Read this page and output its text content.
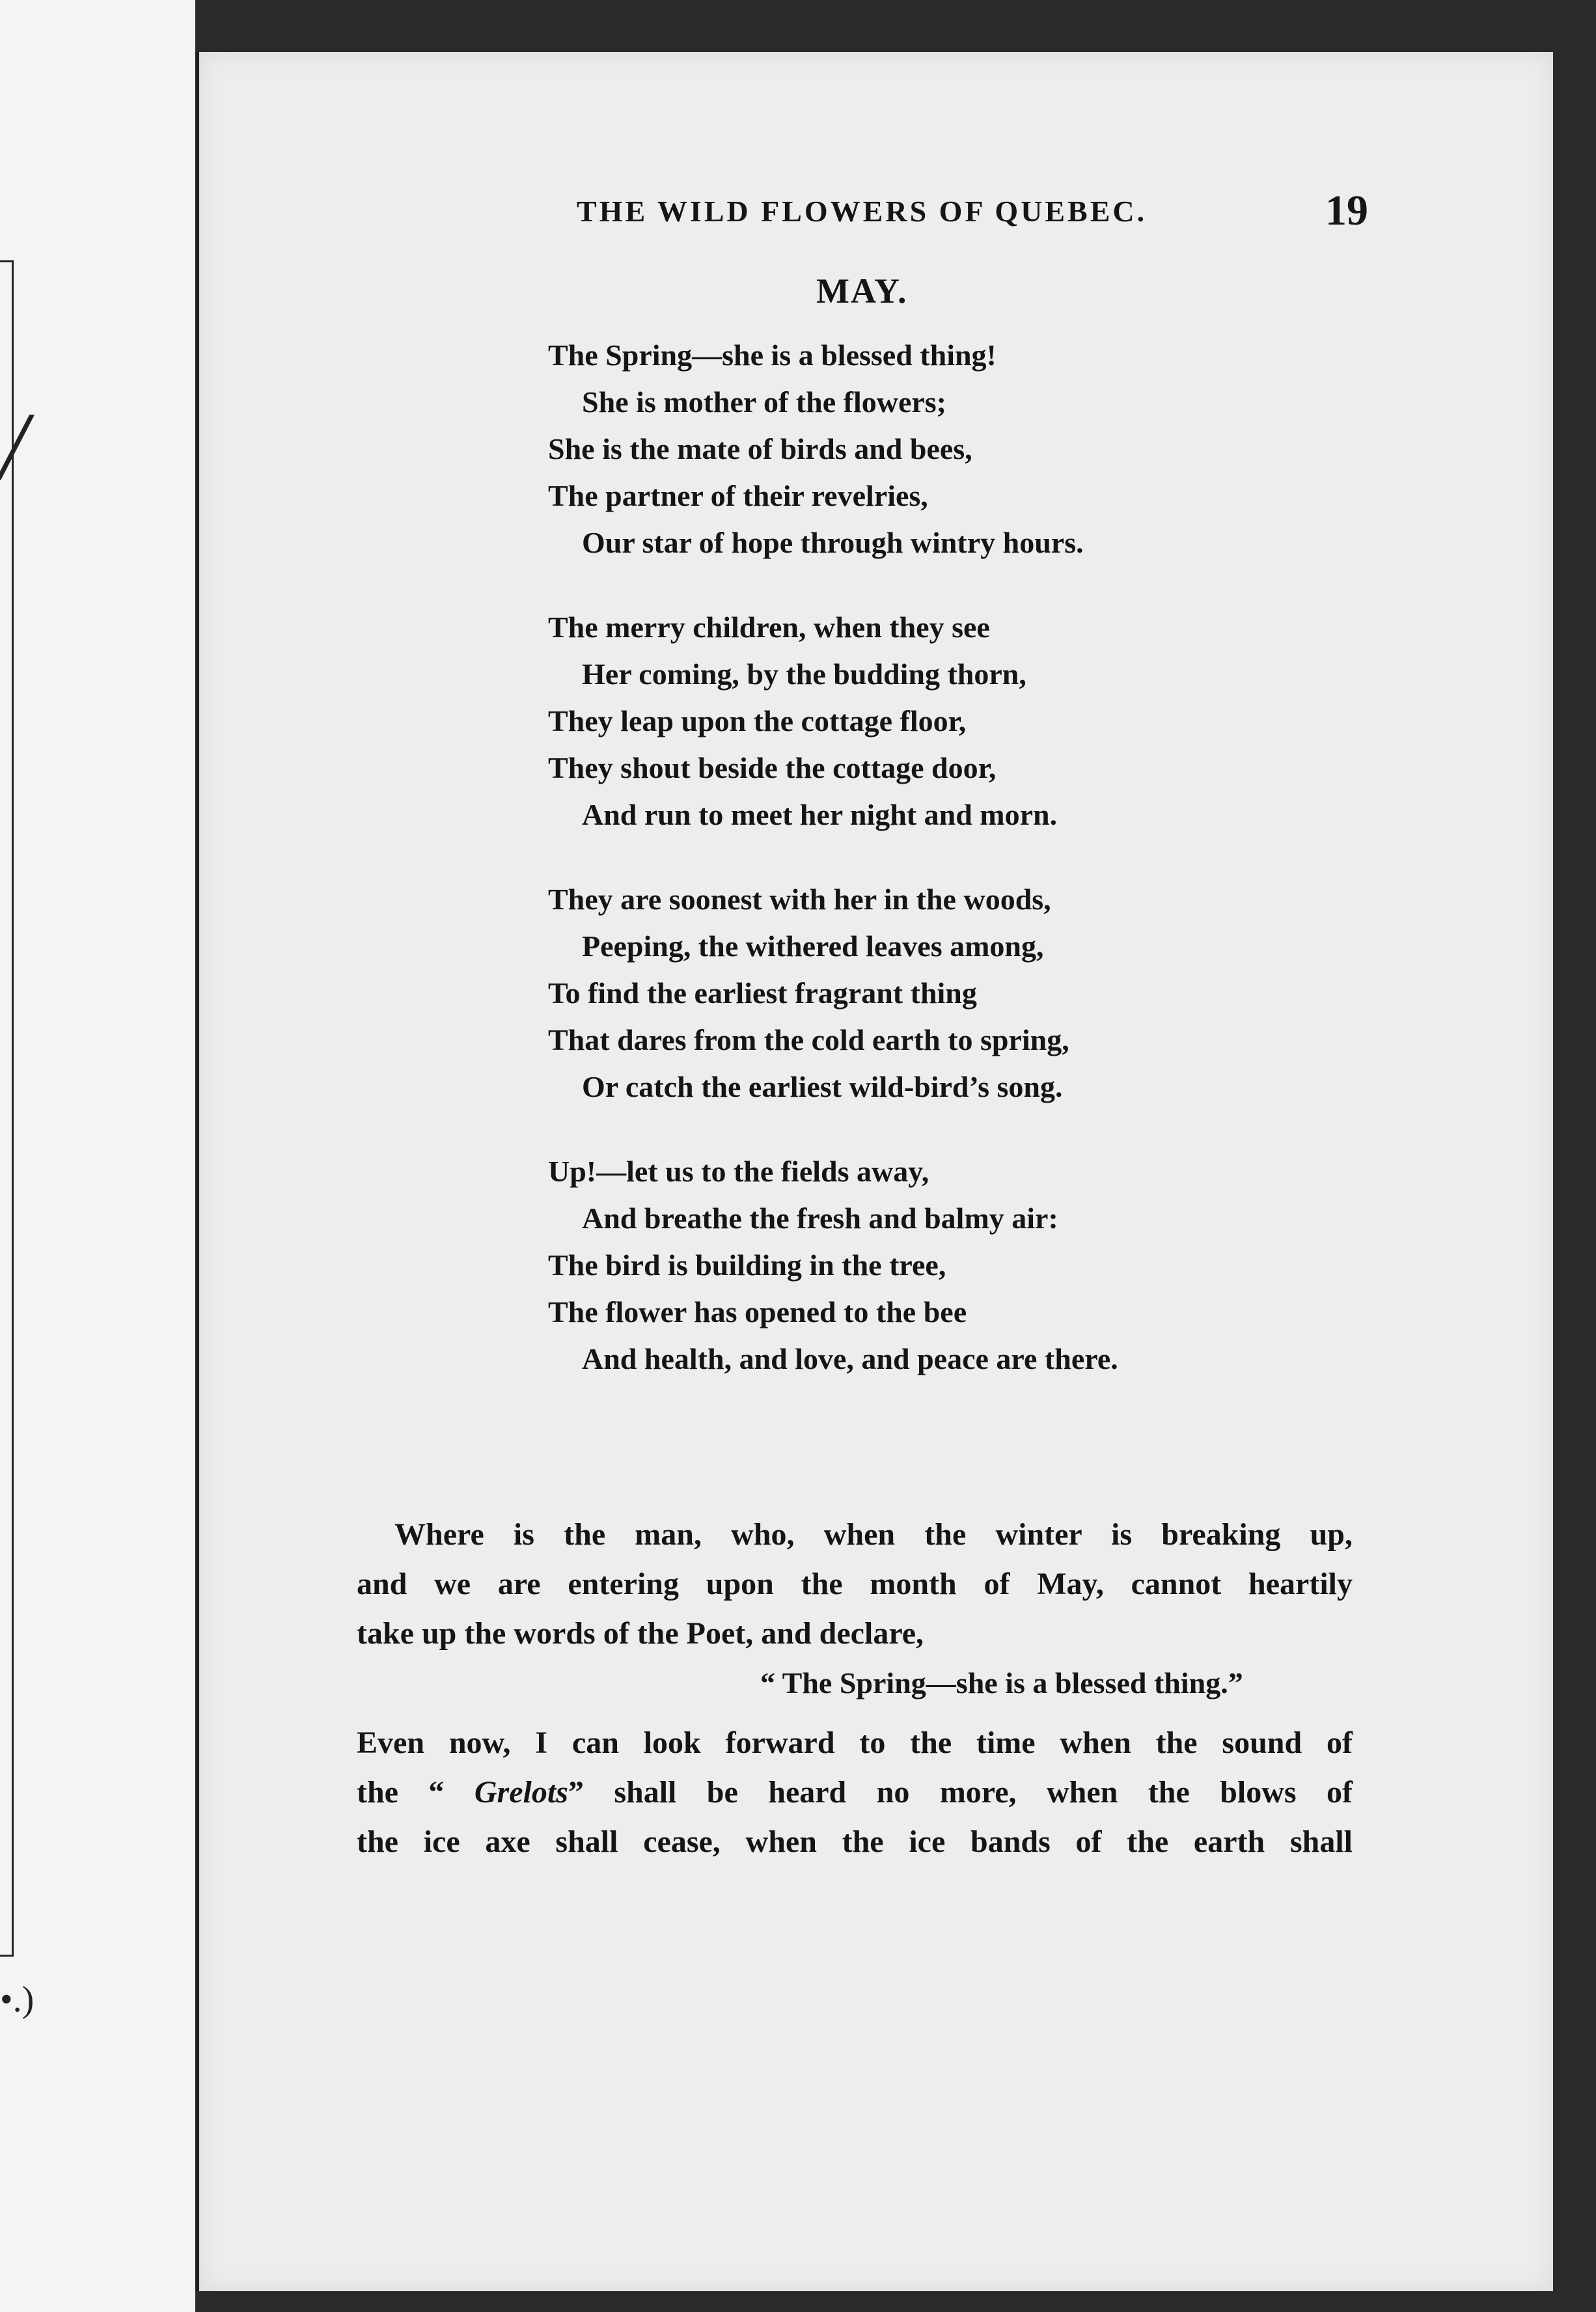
/
•.)
THE WILD FLOWERS OF QUEBEC.	19
MAY.
The Spring—she is a blessed thing!
She is mother of the flowers;
She is the mate of birds and bees,
The partner of their revelries,
Our star of hope through wintry hours.
The merry children, when they see
Her coming, by the budding thorn,
They leap upon the cottage floor,
They shout beside the cottage door,
And run to meet her night and morn.
They are soonest with her in the woods,
Peeping, the withered leaves among,
To find the earliest fragrant thing
That dares from the cold earth to spring,
Or catch the earliest wild-bird’s song.
Up!—let us to the fields away,
And breathe the fresh and balmy air:
The bird is building in the tree,
The flower has opened to the bee
And health, and love, and peace are there.
Where is the man, who, when the winter is breaking up,
and we are entering upon the month of May, cannot heartily
take up the words of the Poet, and declare,
“ The Spring—she is a blessed thing.”
Even now, I can look forward to the time when the sound of
the “ Grelots” shall be heard no more, when the blows of
the ice axe shall cease, when the ice bands of the earth shall
